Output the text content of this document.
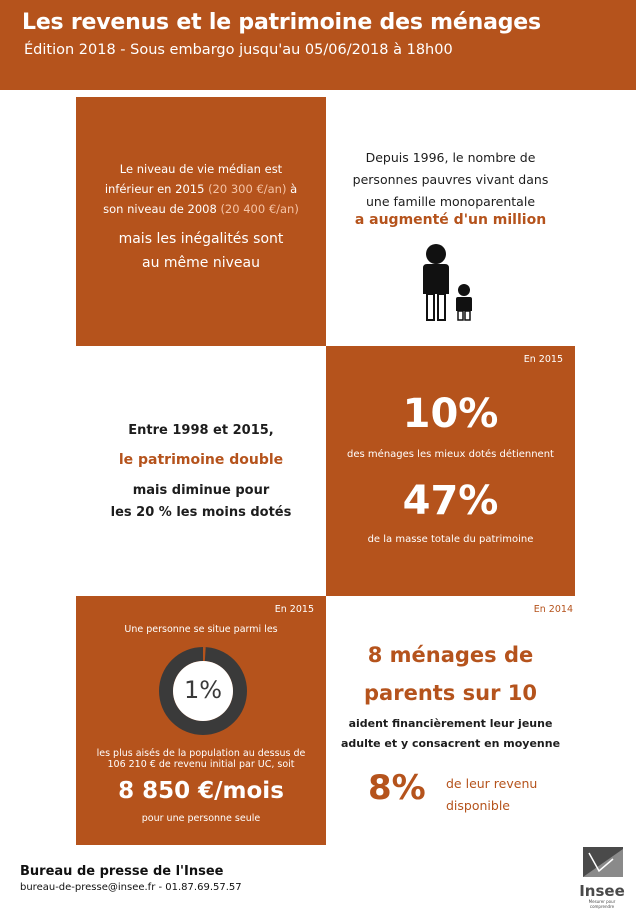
Les revenus et le patrimoine des ménages
Édition 2018 - Sous embargo jusqu'au 05/06/2018 à 18h00
Le niveau de vie médian est
inférieur en 2015 (20 300 €/an) à
son niveau de 2008 (20 400 €/an)
mais les inégalités sont
au même niveau
Depuis 1996, le nombre de
personnes pauvres vivant dans
une famille monoparentale
a augmenté d'un million
Entre 1998 et 2015,
le patrimoine double
mais diminue pour
les 20 % les moins dotés
En 2015
10%
des ménages les mieux dotés détiennent
47%
de la masse totale du patrimoine
En 2015
Une personne se situe parmi les
1%
les plus aisés de la population au dessus de
106 210 € de revenu initial par UC, soit
8 850 €/mois
pour une personne seule
En 2014
8 ménages de
parents sur 10
aident financièrement leur jeune
adulte et y consacrent en moyenne
8% de leur revenu
disponible
Bureau de presse de l'Insee
bureau-de-presse@insee.fr - 01.87.69.57.57	Insee
Mesurer pour comprendre
